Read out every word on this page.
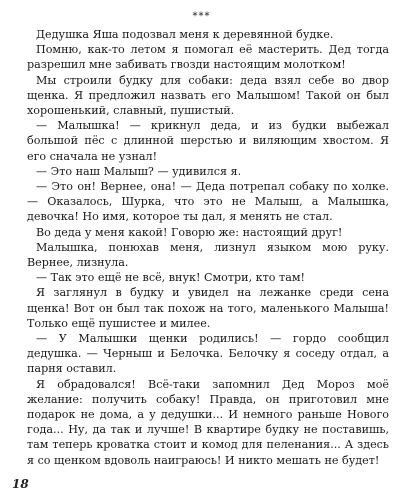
***

Дедушка Яша подозвал меня к деревянной будке.

Помню, как-то летом я помогал её мастерить. Дед тогда разрешил мне забивать гвозди настоящим молотком!

Мы строили будку для собаки: деда взял себе во двор щенка. Я предложил назвать его Малышом! Такой он был хорошенький, славный, пушистый.

— Малышка! — крикнул деда, и из будки выбежал большой пёс с длинной шерстью и виляющим хвостом. Я его сначала не узнал!

— Это наш Малыш? — удивился я.

— Это он! Вернее, она! — Деда потрепал собаку по холке. — Оказалось, Шурка, что это не Малыш, а Малышка, девочка! Но имя, которое ты дал, я менять не стал.

Во деда у меня какой! Говорю же: настоящий друг!

Малышка, понюхав меня, лизнул языком мою руку. Вернее, лизнула.

— Так это ещё не всё, внук! Смотри, кто там!

Я заглянул в будку и увидел на лежанке среди сена щенка! Вот он был так похож на того, маленького Малыша! Только ещё пушистее и милее.

— У Малышки щенки родились! — гордо сообщил дедушка. — Черныш и Белочка. Белочку я соседу отдал, а парня оставил.

Я обрадовался! Всё-таки запомнил Дед Мороз моё желание: получить собаку! Правда, он приготовил мне подарок не дома, а у дедушки... И немного раньше Нового года... Ну, да так и лучше! В квартире будку не поставишь, там теперь кроватка стоит и комод для пеленания... А здесь я со щенком вдоволь наиграюсь! И никто мешать не будет!

18
